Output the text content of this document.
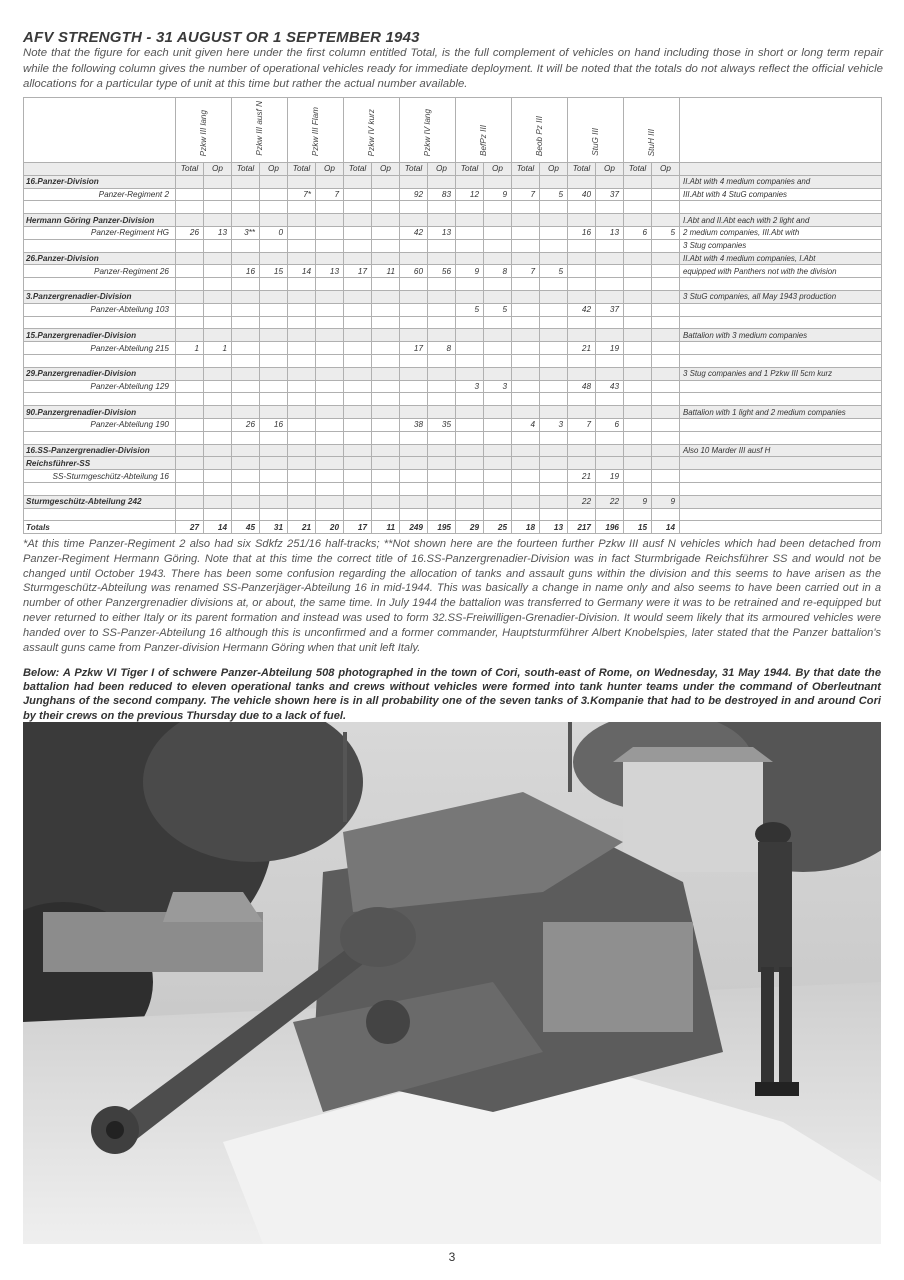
AFV STRENGTH - 31 AUGUST OR 1 SEPTEMBER 1943
Note that the figure for each unit given here under the first column entitled Total, is the full complement of vehicles on hand including those in short or long term repair while the following column gives the number of operational vehicles ready for immediate deployment. It will be noted that the totals do not always reflect the official vehicle allocations for a particular type of unit at this time but rather the actual number available.

	Pzkw III lang		Pzkw III ausf N		Pzkw III Flam		Pzkw IV kurz		Pzkw IV lang		BefPz III		Beob Pz III		StuG III		StuH III		

	Total	Op	Total	Op	Total	Op	Total	Op	Total	Op	Total	Op	Total	Op	Total	Op	Total	Op	
16.Panzer-Division																			II.Abt with 4 medium companies and
Panzer-Regiment 2					7*	7			92	83	12	9	7	5	40	37			III.Abt with 4 StuG companies

Hermann Göring Panzer-Division																			I.Abt and II.Abt each with 2 light and
Panzer-Regiment HG	26	13	3**	0					42	13					16	13	6	5	2 medium companies, III.Abt with
																			3 Stug companies
26.Panzer-Division																			II.Abt with 4 medium companies, I.Abt
Panzer-Regiment 26			16	15	14	13	17	11	60	56	9	8	7	5					equipped with Panthers not with the division

3.Panzergrenadier-Division																			3 StuG companies, all May 1943 production
Panzer-Abteilung 103											5	5			42	37			

15.Panzergrenadier-Division																			Battalion with 3 medium companies
Panzer-Abteilung 215	1	1							17	8					21	19			

29.Panzergrenadier-Division																			3 Stug companies and 1 Pzkw III 5cm kurz
Panzer-Abteilung 129											3	3			48	43			

90.Panzergrenadier-Division																			Battalion with 1 light and 2 medium companies
Panzer-Abteilung 190			26	16					38	35			4	3	7	6			

16.SS-Panzergrenadier-Division																			Also 10 Marder III ausf H
Reichsführer-SS																			
SS-Sturmgeschütz-Abteilung 16															21	19			

Sturmgeschütz-Abteilung 242															22	22	9	9	

Totals	27	14	45	31	21	20	17	11	249	195	29	25	18	13	217	196	15	14	
*At this time Panzer-Regiment 2 also had six Sdkfz 251/16 half-tracks; **Not shown here are the fourteen further Pzkw III ausf N vehicles which had been detached from Panzer-Regiment Hermann Göring. Note that at this time the correct title of 16.SS-Panzergrenadier-Division was in fact Sturmbrigade Reichsführer SS and would not be changed until October 1943. There has been some confusion regarding the allocation of tanks and assault guns within the division and this seems to have arisen as the Sturmgeschütz-Abteilung was renamed SS-Panzerjäger-Abteilung 16 in mid-1944. This was basically a change in name only and also seems to have been carried out in a number of other Panzergrenadier divisions at, or about, the same time. In July 1944 the battalion was transferred to Germany were it was to be retrained and re-equipped but never returned to either Italy or its parent formation and instead was used to form 32.SS-Freiwilligen-Grenadier-Division. It would seem likely that its armoured vehicles were handed over to SS-Panzer-Abteilung 16 although this is unconfirmed and a former commander, Hauptsturmführer Albert Knobelspies, later stated that the Panzer battalion's assault guns came from Panzer-division Hermann Göring when that unit left Italy.
Below: A Pzkw VI Tiger I of schwere Panzer-Abteilung 508 photographed in the town of Cori, south-east of Rome, on Wednesday, 31 May 1944. By that date the battalion had been reduced to eleven operational tanks and crews without vehicles were formed into tank hunter teams under the command of Oberleutnant Junghans of the second company. The vehicle shown here is in all probability one of the seven tanks of 3.Kompanie that had to be destroyed in and around Cori by their crews on the previous Thursday due to a lack of fuel.
3
